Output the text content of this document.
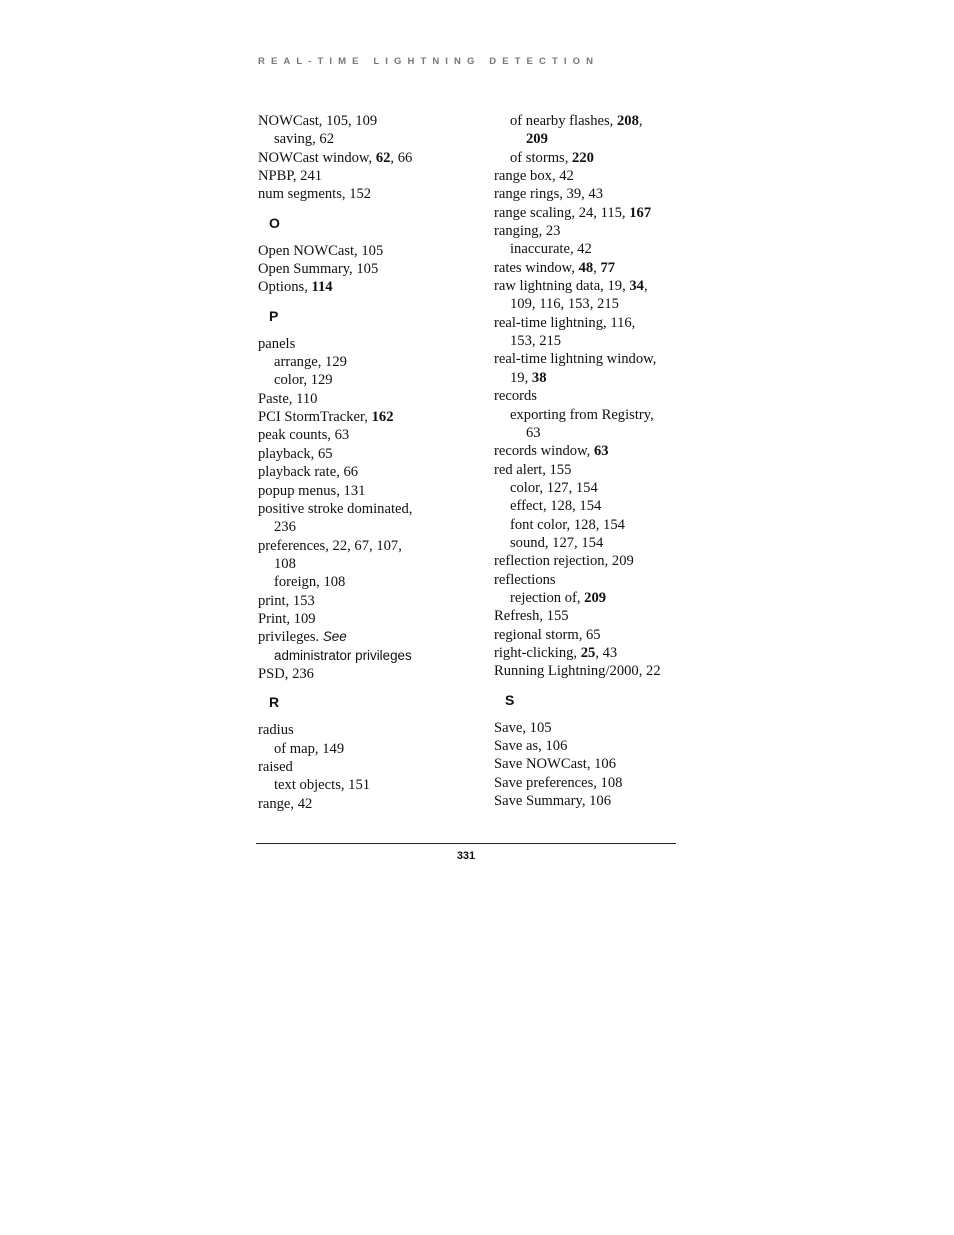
REAL-TIME LIGHTNING DETECTION
NOWCast, 105, 109
saving, 62
NOWCast window, 62, 66
NPBP, 241
num segments, 152
O
Open NOWCast, 105
Open Summary, 105
Options, 114
P
panels
arrange, 129
color, 129
Paste, 110
PCI StormTracker, 162
peak counts, 63
playback, 65
playback rate, 66
popup menus, 131
positive stroke dominated,
236
preferences, 22, 67, 107,
108
foreign, 108
print, 153
Print, 109
privileges. See
administrator privileges
PSD, 236
R
radius
of map, 149
raised
text objects, 151
range, 42
of nearby flashes, 208,
209
of storms, 220
range box, 42
range rings, 39, 43
range scaling, 24, 115, 167
ranging, 23
inaccurate, 42
rates window, 48, 77
raw lightning data, 19, 34,
109, 116, 153, 215
real-time lightning, 116,
153, 215
real-time lightning window,
19, 38
records
exporting from Registry,
63
records window, 63
red alert, 155
color, 127, 154
effect, 128, 154
font color, 128, 154
sound, 127, 154
reflection rejection, 209
reflections
rejection of, 209
Refresh, 155
regional storm, 65
right-clicking, 25, 43
Running Lightning/2000, 22
S
Save, 105
Save as, 106
Save NOWCast, 106
Save preferences, 108
Save Summary, 106
331
